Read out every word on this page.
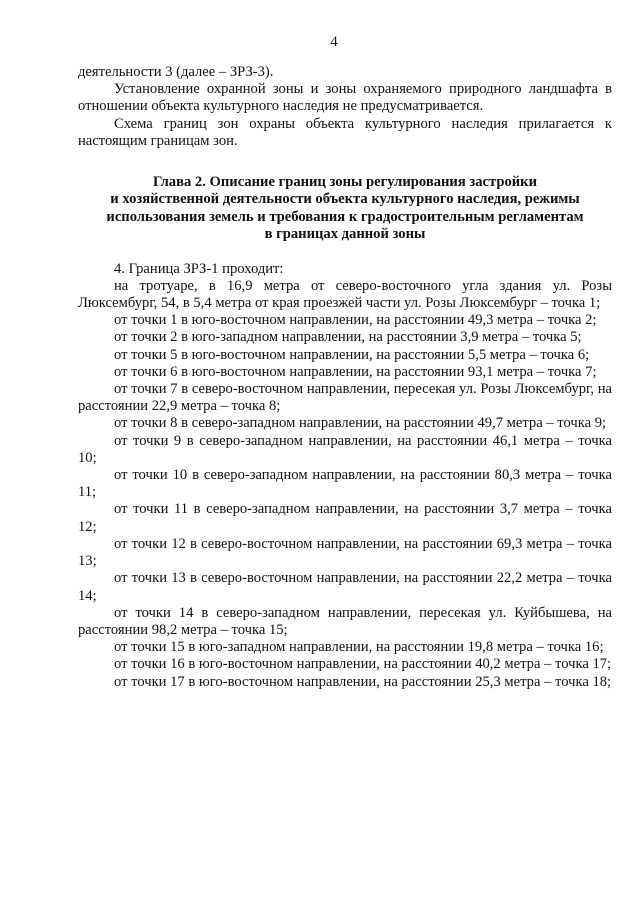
4

деятельности 3 (далее – ЗРЗ-3).

Установление охранной зоны и зоны охраняемого природного ландшафта в отношении объекта культурного наследия не предусматривается.

Схема границ зон охраны объекта культурного наследия прилагается к настоящим границам зон.

Глава 2. Описание границ зоны регулирования застройки
и хозяйственной деятельности объекта культурного наследия, режимы
использования земель и требования к градостроительным регламентам
в границах данной зоны

4. Граница ЗРЗ-1 проходит:

на тротуаре, в 16,9 метра от северо-восточного угла здания ул. Розы Люксембург, 54, в 5,4 метра от края проезжей части ул. Розы Люксембург – точка 1;

от точки 1 в юго-восточном направлении, на расстоянии 49,3 метра – точка 2;

от точки 2 в юго-западном направлении, на расстоянии 3,9 метра – точка 5;

от точки 5 в юго-восточном направлении, на расстоянии 5,5 метра – точка 6;

от точки 6 в юго-восточном направлении, на расстоянии 93,1 метра – точка 7;

от точки 7 в северо-восточном направлении, пересекая ул. Розы Люксембург, на расстоянии 22,9 метра – точка 8;

от точки 8 в северо-западном направлении, на расстоянии 49,7 метра – точка 9;

от точки 9 в северо-западном направлении, на расстоянии 46,1 метра – точка 10;

от точки 10 в северо-западном направлении, на расстоянии 80,3 метра – точка 11;

от точки 11 в северо-западном направлении, на расстоянии 3,7 метра – точка 12;

от точки 12 в северо-восточном направлении, на расстоянии 69,3 метра – точка 13;

от точки 13 в северо-восточном направлении, на расстоянии 22,2 метра – точка 14;

от точки 14 в северо-западном направлении, пересекая ул. Куйбышева, на расстоянии 98,2 метра – точка 15;

от точки 15 в юго-западном направлении, на расстоянии 19,8 метра – точка 16;

от точки 16 в юго-восточном направлении, на расстоянии 40,2 метра – точка 17;

от точки 17 в юго-восточном направлении, на расстоянии 25,3 метра – точка 18;
